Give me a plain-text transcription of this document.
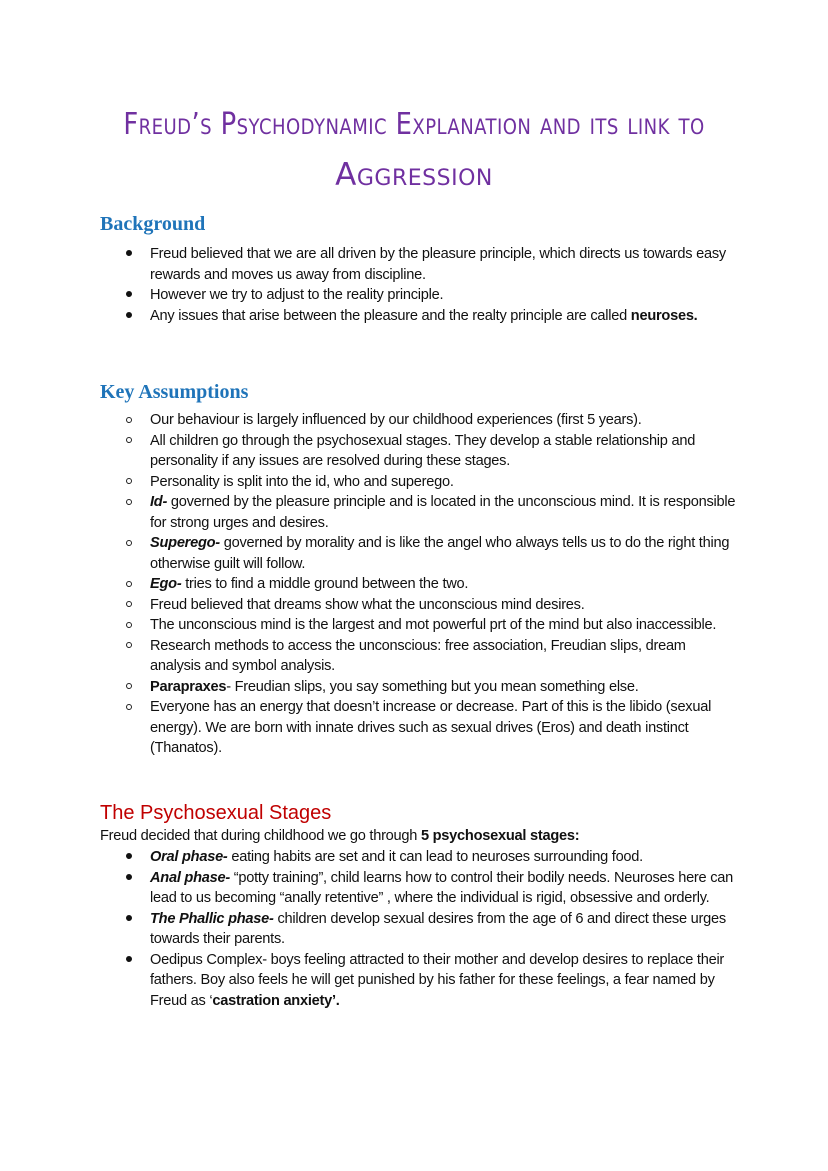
Freud’s Psychodynamic Explanation and its link to
Aggression
Background
Freud believed that we are all driven by the pleasure principle, which directs us towards easy rewards and moves us away from discipline.
However we try to adjust to the reality principle.
Any issues that arise between the pleasure and the realty principle are called neuroses.
Key Assumptions
Our behaviour is largely influenced by our childhood experiences (first 5 years).
All children go through the psychosexual stages. They develop a stable relationship and personality if any issues are resolved during these stages.
Personality is split into the id, who and superego.
Id- governed by the pleasure principle and is located in the unconscious mind. It is responsible for strong urges and desires.
Superego- governed by morality and is like the angel who always tells us to do the right thing otherwise guilt will follow.
Ego- tries to find a middle ground between the two.
Freud believed that dreams show what the unconscious mind desires.
The unconscious mind is the largest and mot powerful prt of the mind but also inaccessible.
Research methods to access the unconscious: free association, Freudian slips, dream analysis and symbol analysis.
Parapraxes- Freudian slips, you say something but you mean something else.
Everyone has an energy that doesn’t increase or decrease. Part of this is the libido (sexual energy). We are born with innate drives such as sexual drives (Eros) and death instinct (Thanatos).
The Psychosexual Stages
Freud decided that during childhood we go through 5 psychosexual stages:
Oral phase- eating habits are set and it can lead to neuroses surrounding food.
Anal phase- “potty training”, child learns how to control their bodily needs. Neuroses here can lead to us becoming “anally retentive” , where the individual is rigid, obsessive and orderly.
The Phallic phase- children develop sexual desires from the age of 6 and direct these urges towards their parents.
Oedipus Complex- boys feeling attracted to their mother and develop desires to replace their fathers. Boy also feels he will get punished by his father for these feelings, a fear named by Freud as ‘castration anxiety’.
